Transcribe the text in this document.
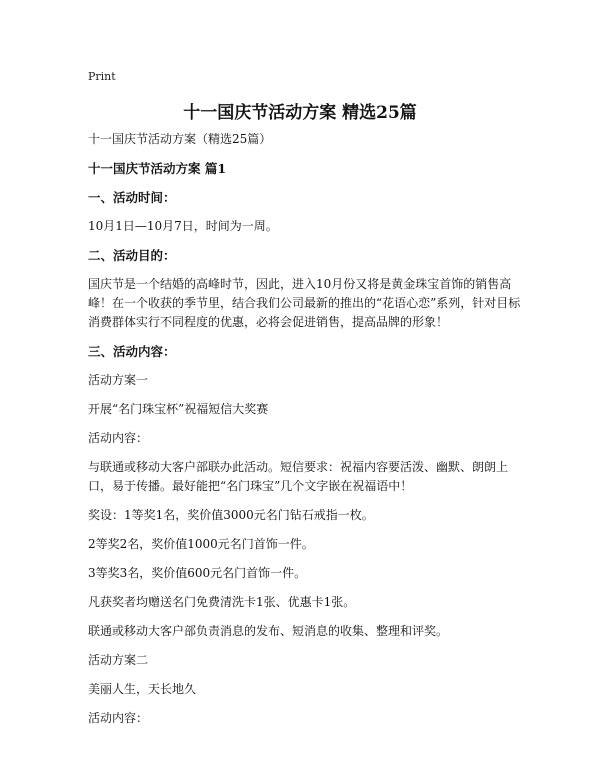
Print
十一国庆节活动方案 精选25篇

十一国庆节活动方案（精选25篇）

十一国庆节活动方案 篇1
一、活动时间：

10月1日—10月7日，时间为一周。

二、活动目的：

国庆节是一个结婚的高峰时节，因此，进入10月份又将是黄金珠宝首饰的销售高峰！在一个收获的季节里，结合我们公司最新的推出的“花语心恋”系列，针对目标消费群体实行不同程度的优惠，必将会促进销售，提高品牌的形象！

三、活动内容：

活动方案一

开展“名门珠宝杯”祝福短信大奖赛

活动内容：

与联通或移动大客户部联办此活动。短信要求：祝福内容要活泼、幽默、朗朗上口，易于传播。最好能把“名门珠宝”几个文字嵌在祝福语中！

奖设：1等奖1名，奖价值3000元名门钻石戒指一枚。

2等奖2名，奖价值1000元名门首饰一件。

3等奖3名，奖价值600元名门首饰一件。

凡获奖者均赠送名门免费清洗卡1张、优惠卡1张。

联通或移动大客户部负责消息的发布、短消息的收集、整理和评奖。

活动方案二

美丽人生，天长地久

活动内容：
